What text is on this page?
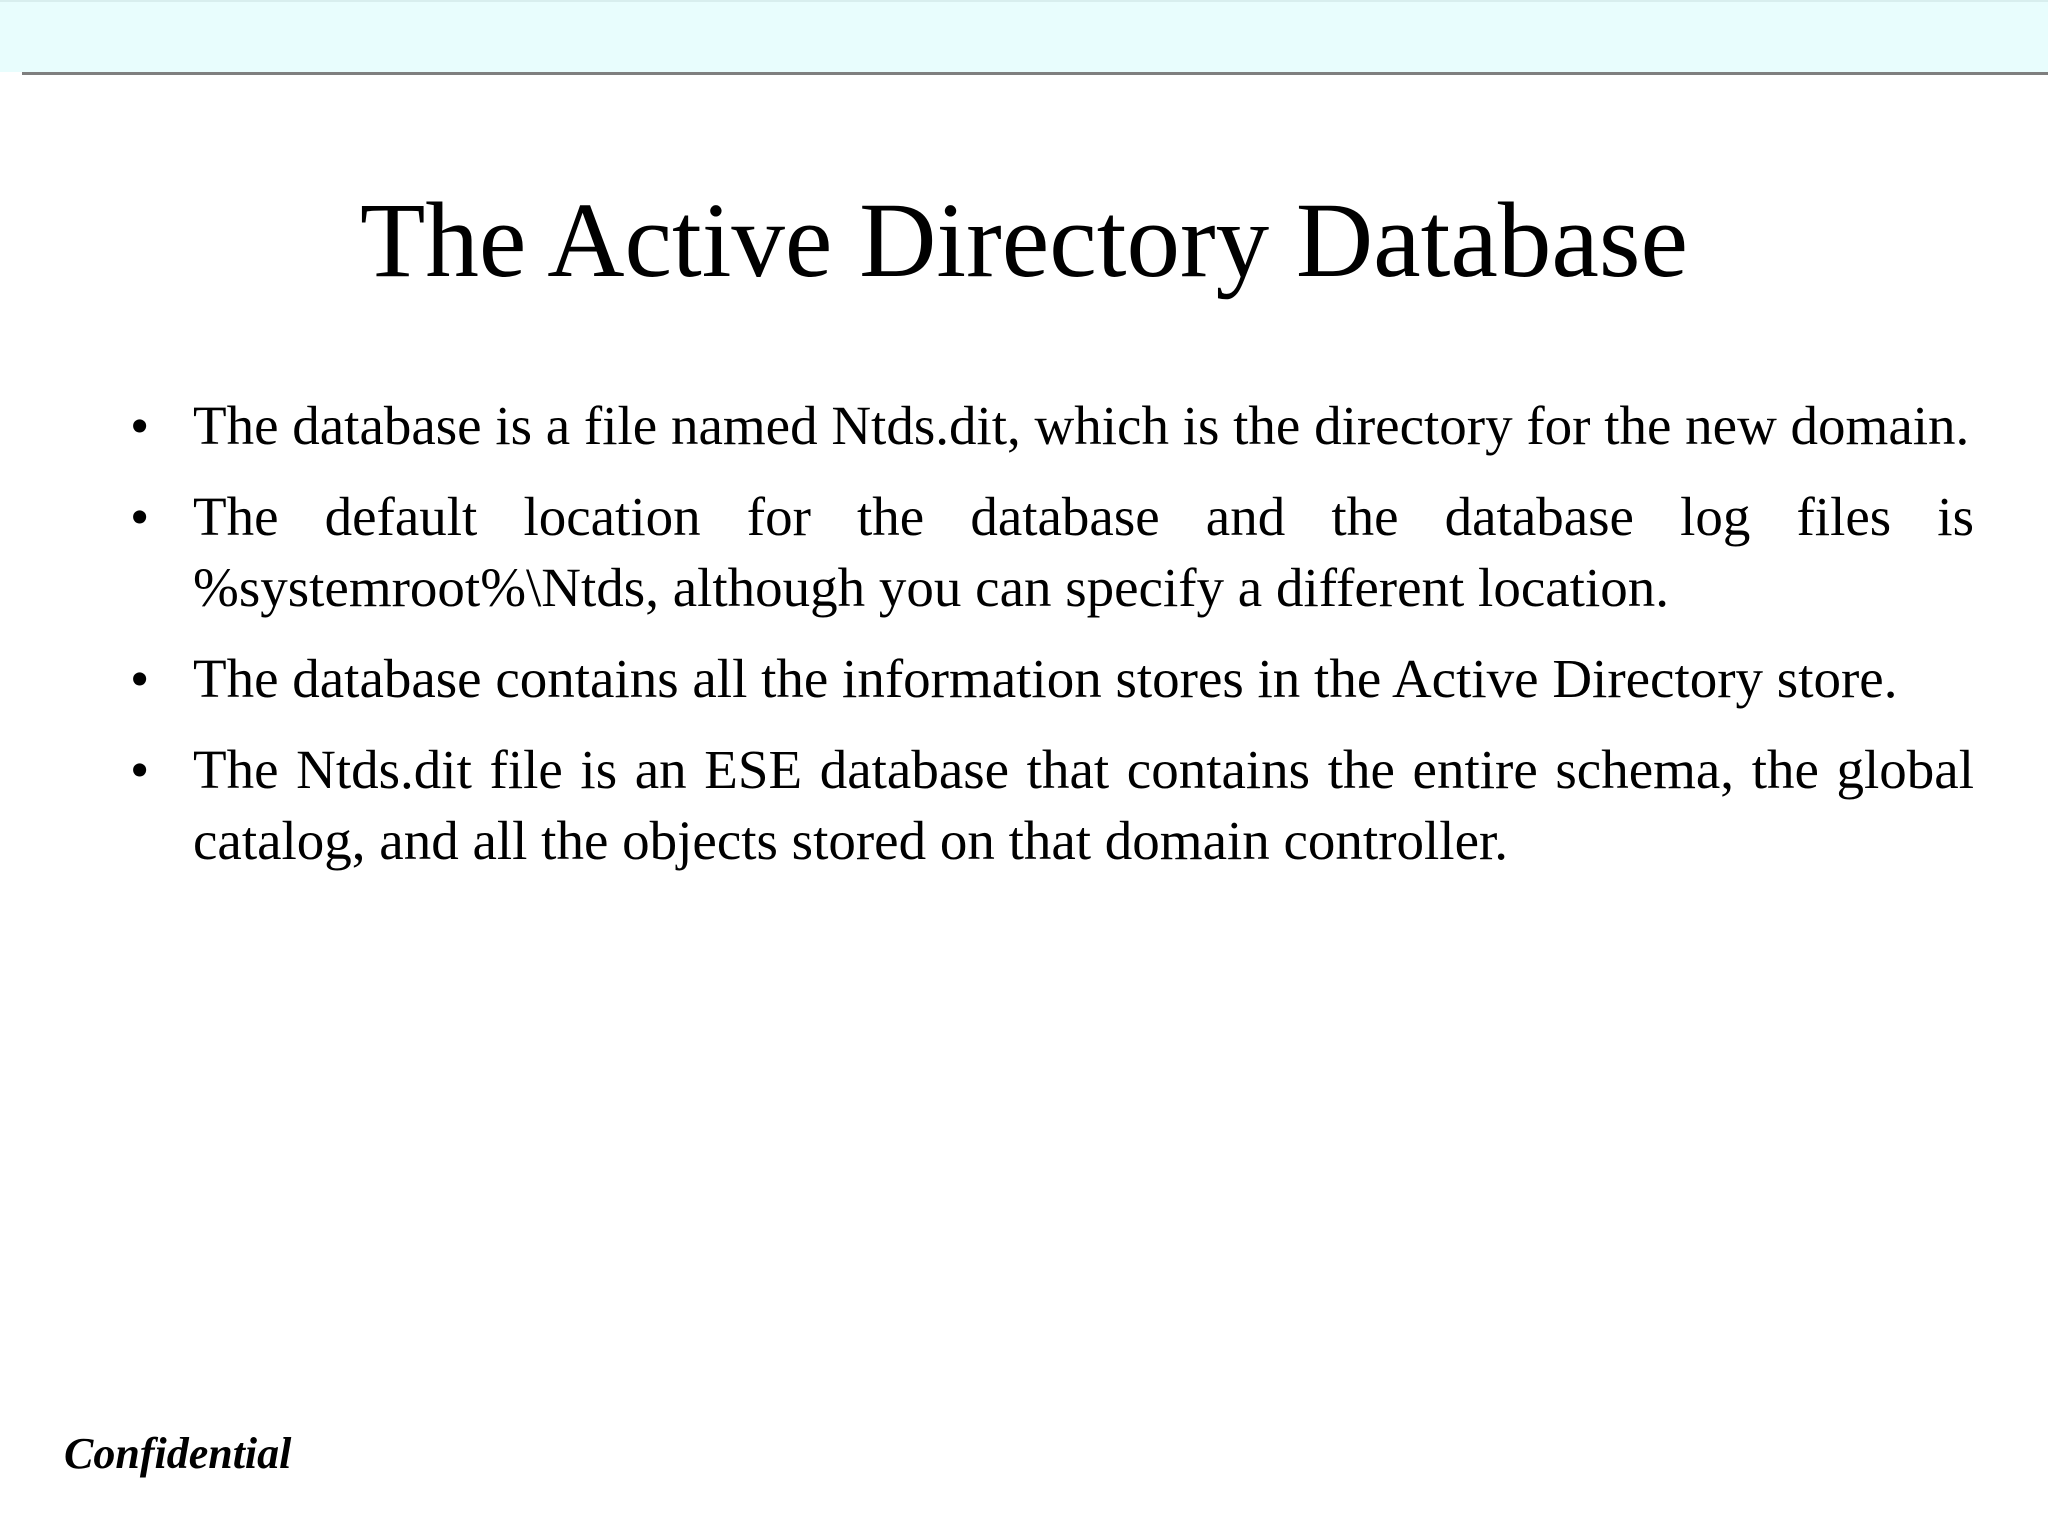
The Active Directory Database
• The database is a file named Ntds.dit, which is the directory for the new domain.
• The default location for the database and the database log files is %systemroot%\Ntds, although you can specify a different location.
• The database contains all the information stores in the Active Directory store.
• The Ntds.dit file is an ESE database that contains the entire schema, the global catalog, and all the objects stored on that domain controller.
Confidential
